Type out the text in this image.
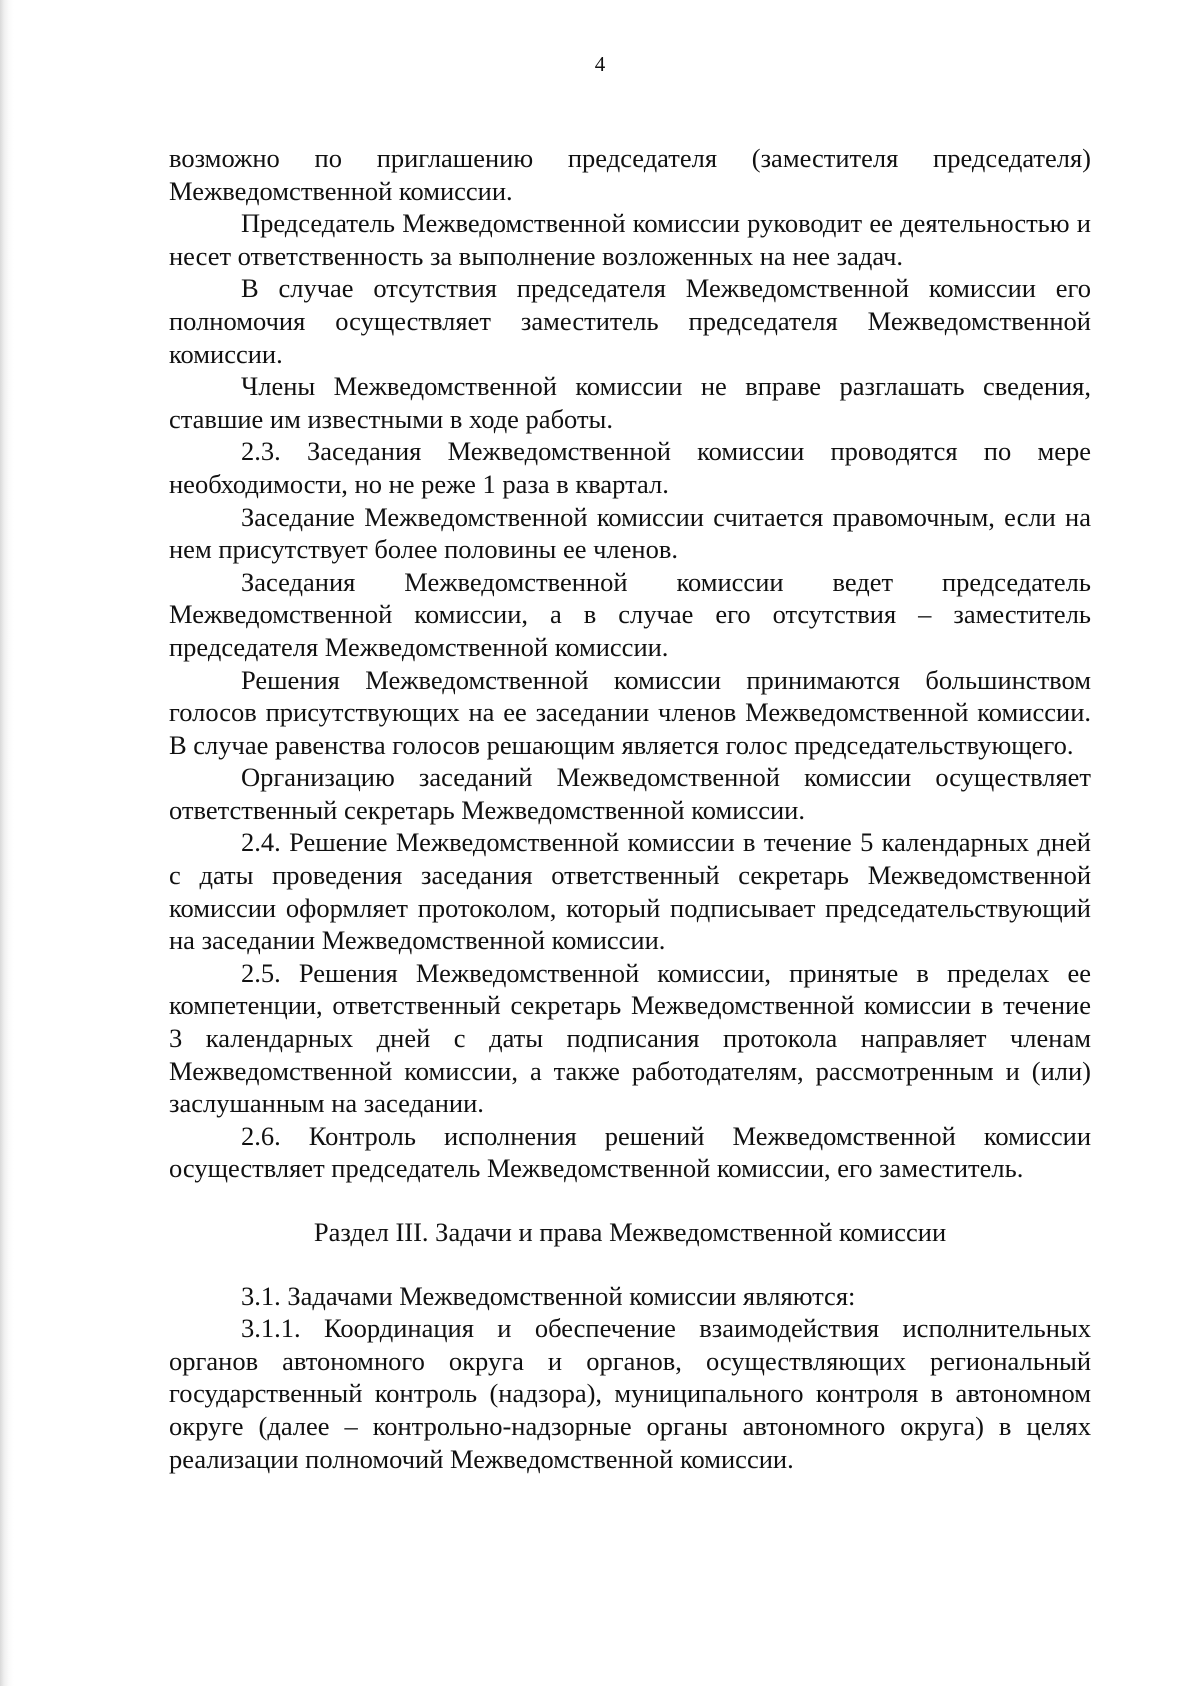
4

возможно по приглашению председателя (заместителя председателя) Межведомственной комиссии.

Председатель Межведомственной комиссии руководит ее деятельностью и несет ответственность за выполнение возложенных на нее задач.

В случае отсутствия председателя Межведомственной комиссии его полномочия осуществляет заместитель председателя Межведомственной комиссии.

Члены Межведомственной комиссии не вправе разглашать сведения, ставшие им известными в ходе работы.

2.3. Заседания Межведомственной комиссии проводятся по мере необходимости, но не реже 1 раза в квартал.

Заседание Межведомственной комиссии считается правомочным, если на нем присутствует более половины ее членов.

Заседания Межведомственной комиссии ведет председатель Межведомственной комиссии, а в случае его отсутствия – заместитель председателя Межведомственной комиссии.

Решения Межведомственной комиссии принимаются большинством голосов присутствующих на ее заседании членов Межведомственной комиссии. В случае равенства голосов решающим является голос председательствующего.

Организацию заседаний Межведомственной комиссии осуществляет ответственный секретарь Межведомственной комиссии.

2.4. Решение Межведомственной комиссии в течение 5 календарных дней с даты проведения заседания ответственный секретарь Межведомственной комиссии оформляет протоколом, который подписывает председательствующий на заседании Межведомственной комиссии.

2.5. Решения Межведомственной комиссии, принятые в пределах ее компетенции, ответственный секретарь Межведомственной комиссии в течение 3 календарных дней с даты подписания протокола направляет членам Межведомственной комиссии, а также работодателям, рассмотренным и (или) заслушанным на заседании.

2.6. Контроль исполнения решений Межведомственной комиссии осуществляет председатель Межведомственной комиссии, его заместитель.

Раздел III. Задачи и права Межведомственной комиссии

3.1. Задачами Межведомственной комиссии являются:

3.1.1. Координация и обеспечение взаимодействия исполнительных органов автономного округа и органов, осуществляющих региональный государственный контроль (надзора), муниципального контроля в автономном округе (далее – контрольно-надзорные органы автономного округа) в целях реализации полномочий Межведомственной комиссии.
